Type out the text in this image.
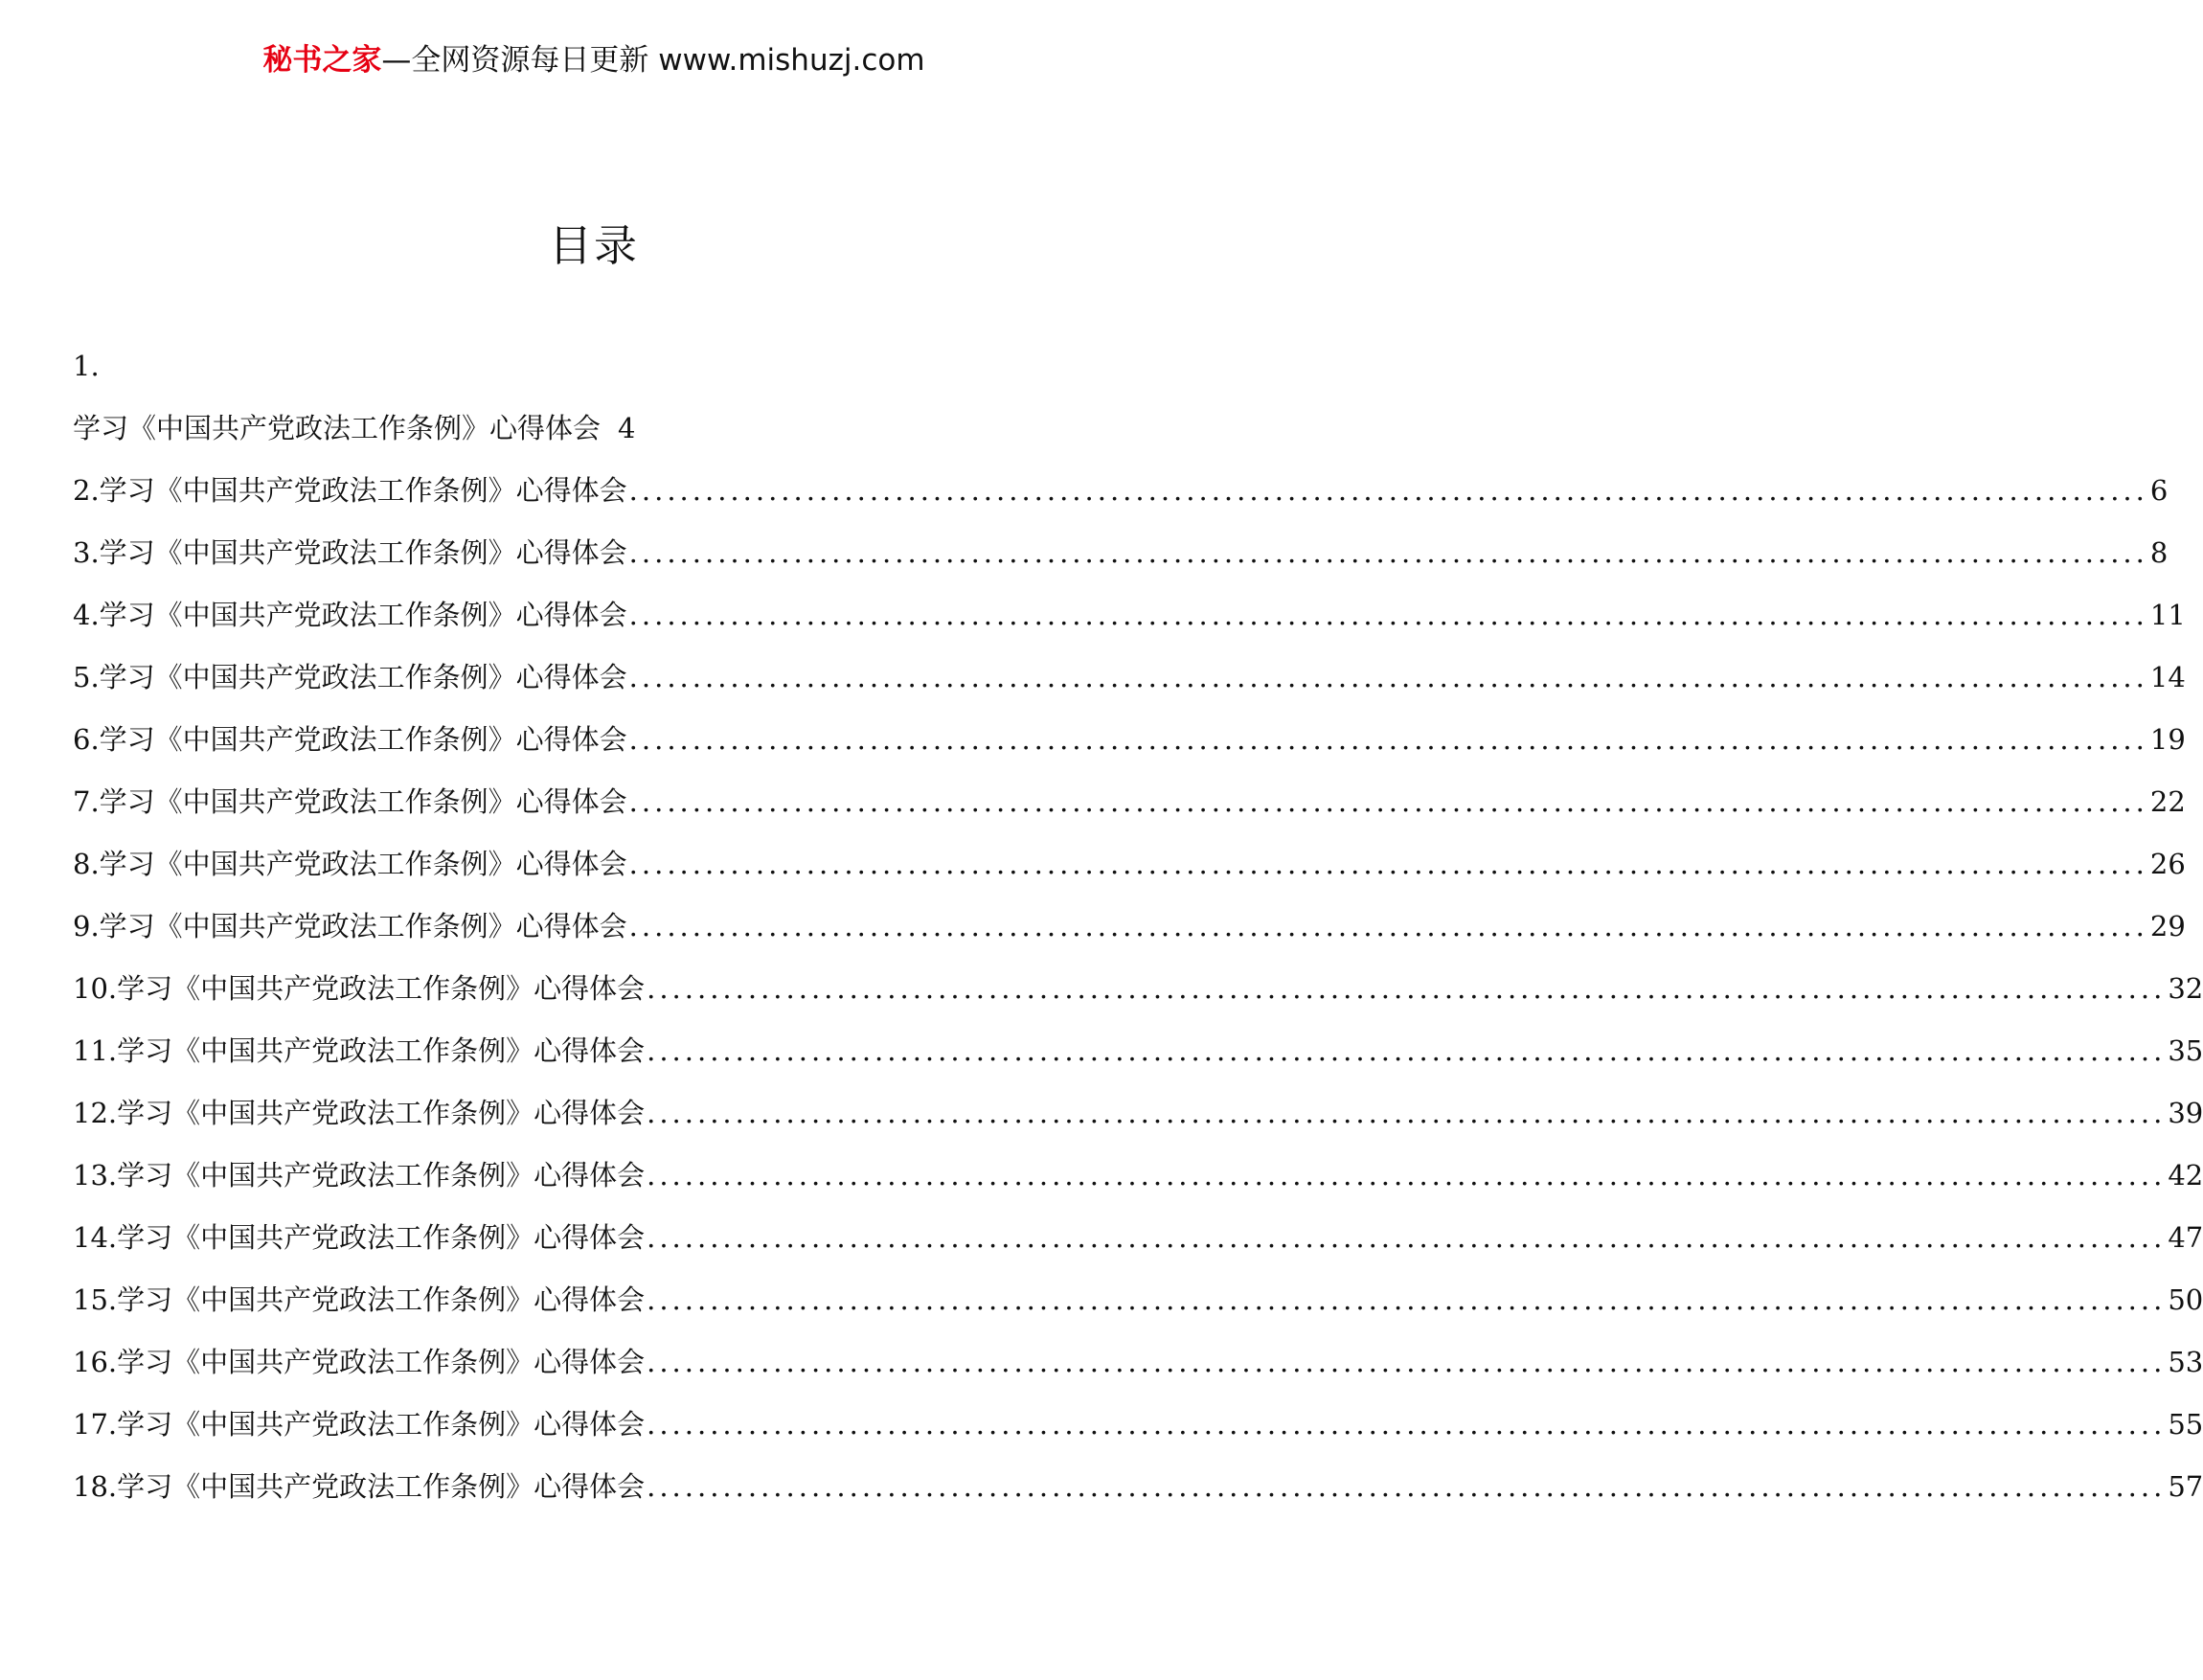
秘书之家—全网资源每日更新 www.mishuzj.com
目录
1.
学习《中国共产党政法工作条例》心得体会 4
2.学习《中国共产党政法工作条例》心得体会 ........................................................................................................................ 6
3.学习《中国共产党政法工作条例》心得体会 ........................................................................................................................ 8
4.学习《中国共产党政法工作条例》心得体会 ........................................................................................................................ 11
5.学习《中国共产党政法工作条例》心得体会 ........................................................................................................................ 14
6.学习《中国共产党政法工作条例》心得体会 ........................................................................................................................ 19
7.学习《中国共产党政法工作条例》心得体会 ........................................................................................................................ 22
8.学习《中国共产党政法工作条例》心得体会 ........................................................................................................................ 26
9.学习《中国共产党政法工作条例》心得体会 ........................................................................................................................ 29
10.学习《中国共产党政法工作条例》心得体会 ........................................................................................................................ 32
11.学习《中国共产党政法工作条例》心得体会 ........................................................................................................................ 35
12.学习《中国共产党政法工作条例》心得体会 ........................................................................................................................ 39
13.学习《中国共产党政法工作条例》心得体会 ........................................................................................................................ 42
14.学习《中国共产党政法工作条例》心得体会 ........................................................................................................................ 47
15.学习《中国共产党政法工作条例》心得体会 ........................................................................................................................ 50
16.学习《中国共产党政法工作条例》心得体会 ........................................................................................................................ 53
17.学习《中国共产党政法工作条例》心得体会 ........................................................................................................................ 55
18.学习《中国共产党政法工作条例》心得体会 ........................................................................................................................ 57
